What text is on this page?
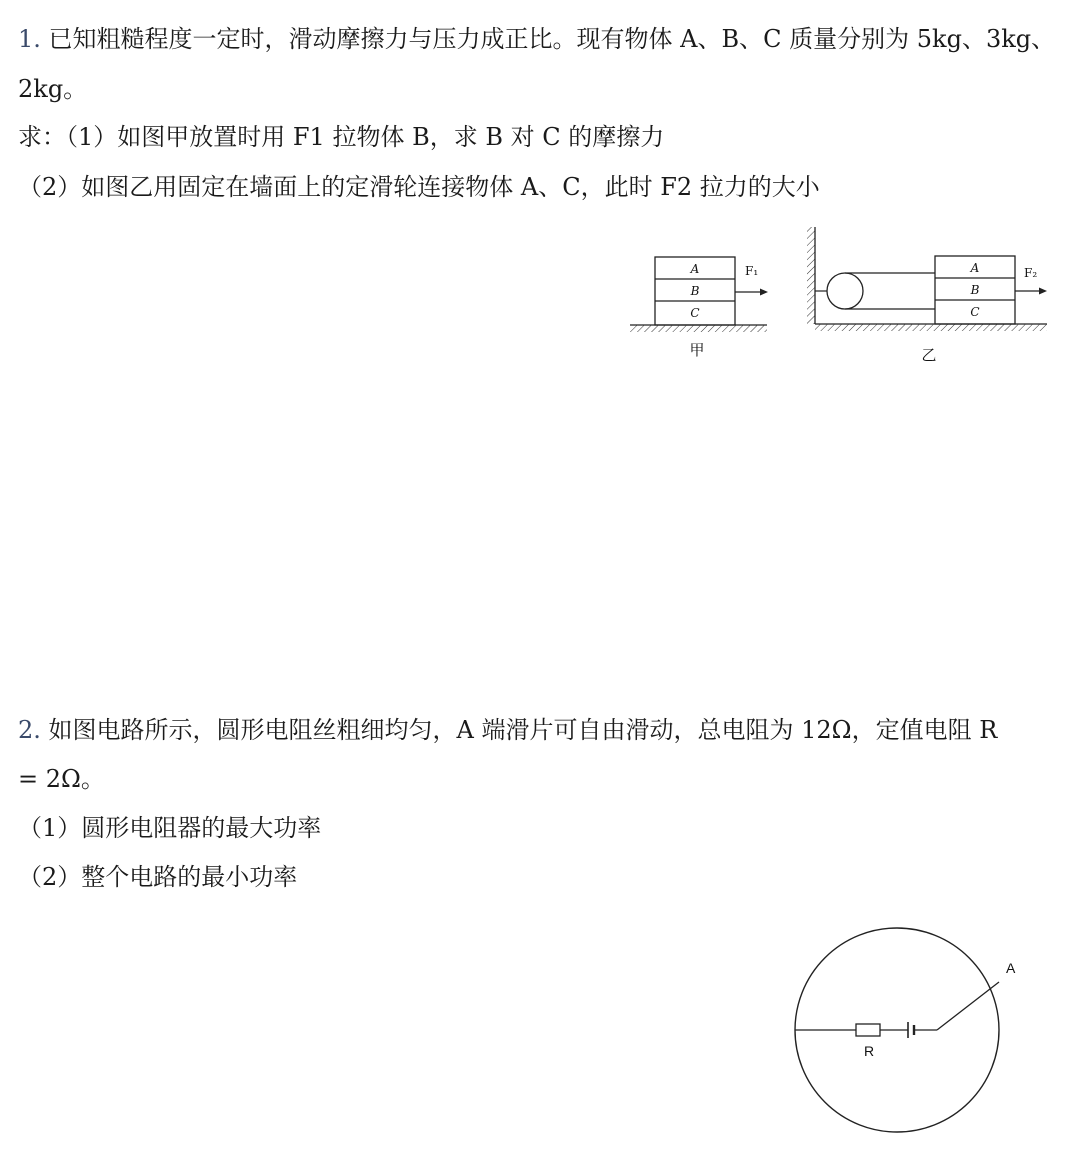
1. 已知粗糙程度一定时，滑动摩擦力与压力成正比。现有物体 A、B、C 质量分别为 5kg、3kg、
2kg。
求：（1）如图甲放置时用 F1 拉物体 B，求 B 对 C 的摩擦力
（2）如图乙用固定在墙面上的定滑轮连接物体 A、C，此时 F2 拉力的大小
A
B
C
F₁
甲
A
B
C
F₂
乙
2. 如图电路所示，圆形电阻丝粗细均匀，A 端滑片可自由滑动，总电阻为 12Ω，定值电阻 R
= 2Ω。
（1）圆形电阻器的最大功率
（2）整个电路的最小功率
R
A
